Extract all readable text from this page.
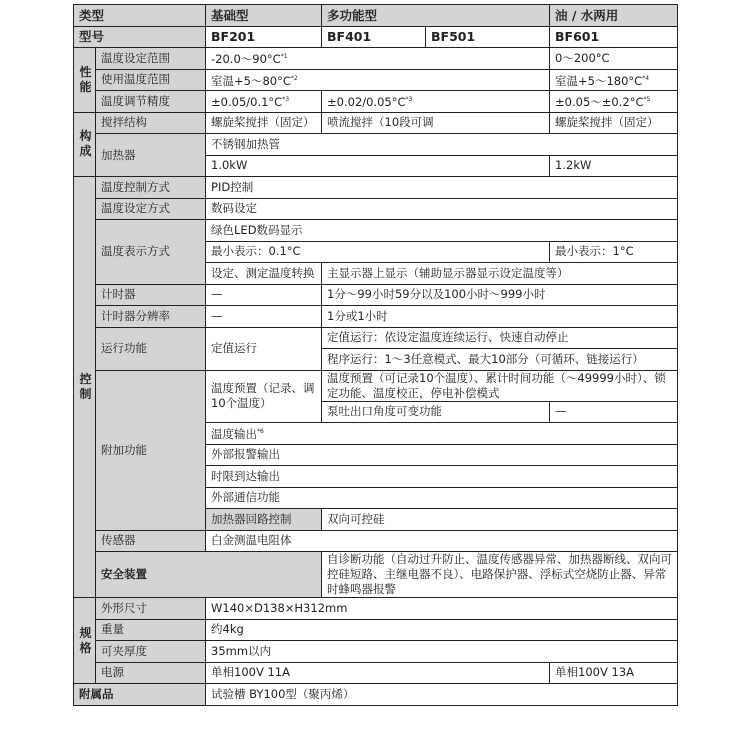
类型		基础型	多功能型		油 / 水两用
型号		BF201	BF401	BF501	BF601
性能	温度设定范围	$-20.0\sim 90^\circ C^{*1}$			0～200°C
	使用温度范围	室温$+5\sim 80^\circ C^{*2}$			室温$+5\sim 180^\circ C^{*4}$
	温度调节精度	$\pm 0.05/0.1^\circ C^{*3}$	$\pm 0.02/0.05^\circ C^{*3}$		$\pm 0.05\sim\pm 0.2^\circ C^{*5}$
构成	搅拌结构	螺旋桨搅拌（固定）	喷流搅拌（10段可调		螺旋桨搅拌（固定）
	加热器	不锈钢加热管			
		1.0kW			1.2kW
控制	温度控制方式	PID控制			
	温度设定方式	数码设定			
	温度表示方式	绿色LED数码显示			
		最小表示：0.1°C			最小表示：1°C
		设定、测定温度转换	主显示器上显示（辅助显示器显示设定温度等）		
	计时器	—	1分～99小时59分以及100小时～999小时		
	计时器分辨率	—	1分或1小时		
	运行功能	定值运行	定值运行：依设定温度连续运行、快速自动停止		
			程序运行：1～3任意模式、最大10部分（可循环、链接运行）		
	附加功能	温度预置（记录、调10个温度）	温度预置（可记录10个温度）、累计时间功能（～49999小时）、锁定功能、温度校正，停电补偿模式		

			泵吐出口角度可变功能		—
		温度输出$^{*6}$
		外部报警输出			
		时限到达输出			
		外部通信功能			
		加热器回路控制	双向可控硅		
	传感器	白金测温电阻体			
	安全装置		自诊断功能（自动过升防止、温度传感器异常、加热器断线、双向可控硅短路、主继电器不良）、电路保护器、浮标式空烧防止器、异常时蜂鸣器报警		
规格	外形尺寸	W140×D138×H312mm			
	重量	约4kg			
	可夹厚度	35mm以内			
	电源	单相100V 11A			单相100V 13A
附属品		试验槽 BY100型（聚丙烯）			
